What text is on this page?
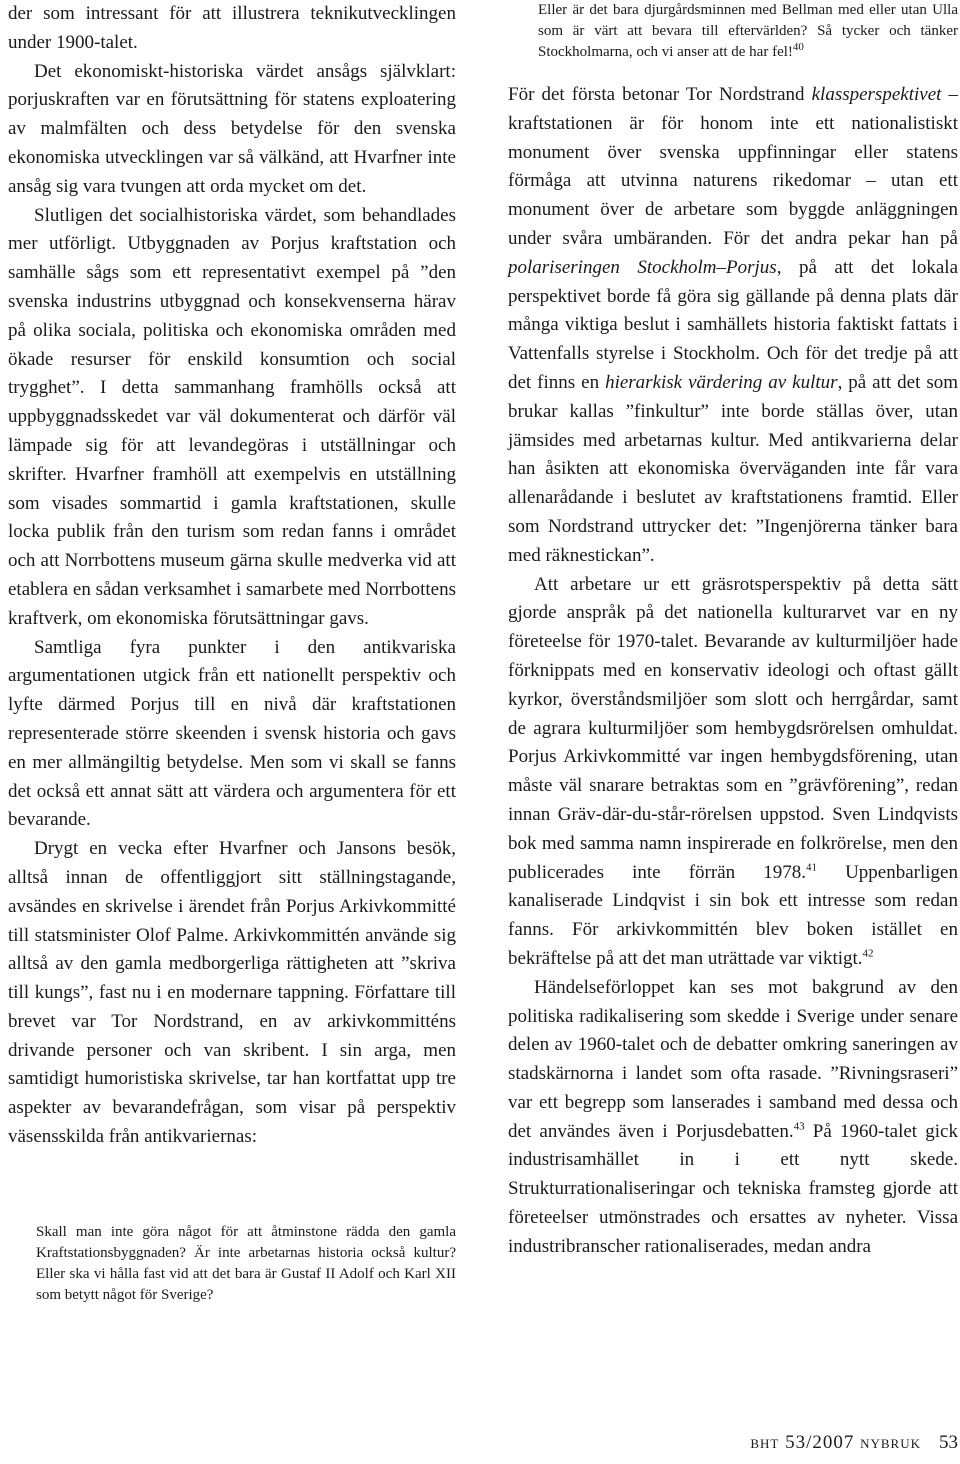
der som intressant för att illustrera teknikutvecklingen under 1900-talet.

Det ekonomiskt-historiska värdet ansågs självklart: porjuskraften var en förutsättning för statens exploatering av malmfälten och dess betydelse för den svenska ekonomiska utvecklingen var så välkänd, att Hvarfner inte ansåg sig vara tvungen att orda mycket om det.

Slutligen det socialhistoriska värdet, som behandlades mer utförligt. Utbyggnaden av Porjus kraftstation och samhälle sågs som ett representativt exempel på ”den svenska industrins utbyggnad och konsekvenserna härav på olika sociala, politiska och ekonomiska områden med ökade resurser för enskild konsumtion och social trygghet”. I detta sammanhang framhölls också att uppbyggnadsskedet var väl dokumenterat och därför väl lämpade sig för att levandegöras i utställningar och skrifter. Hvarfner framhöll att exempelvis en utställning som visades sommartid i gamla kraftstationen, skulle locka publik från den turism som redan fanns i området och att Norrbottens museum gärna skulle medverka vid att etablera en sådan verksamhet i samarbete med Norrbottens kraftverk, om ekonomiska förutsättningar gavs.

Samtliga fyra punkter i den antikvariska argumentationen utgick från ett nationellt perspektiv och lyfte därmed Porjus till en nivå där kraftstationen representerade större skeenden i svensk historia och gavs en mer allmängiltig betydelse. Men som vi skall se fanns det också ett annat sätt att värdera och argumentera för ett bevarande.

Drygt en vecka efter Hvarfner och Jansons besök, alltså innan de offentliggjort sitt ställningstagande, avsändes en skrivelse i ärendet från Porjus Arkivkommitté till statsminister Olof Palme. Arkivkommittén använde sig alltså av den gamla medborgerliga rättigheten att ”skriva till kungs”, fast nu i en modernare tappning. Författare till brevet var Tor Nordstrand, en av arkivkommitténs drivande personer och van skribent. I sin arga, men samtidigt humoristiska skrivelse, tar han kortfattat upp tre aspekter av bevarandefrågan, som visar på perspektiv väsensskilda från antikvariernas:

Skall man inte göra något för att åtminstone rädda den gamla Kraftstationsbyggnaden? Är inte arbetarnas historia också kultur? Eller ska vi hålla fast vid att det bara är Gustaf II Adolf och Karl XII som betytt något för Sverige?
Eller är det bara djurgårdsminnen med Bellman med eller utan Ulla som är värt att bevara till eftervärlden? Så tycker och tänker Stockholmarna, och vi anser att de har fel!$^{40}$

För det första betonar Tor Nordstrand klassperspektivet – kraftstationen är för honom inte ett nationalistiskt monument över svenska uppfinningar eller statens förmåga att utvinna naturens rikedomar – utan ett monument över de arbetare som byggde anläggningen under svåra umbäranden. För det andra pekar han på polariseringen Stockholm–Porjus, på att det lokala perspektivet borde få göra sig gällande på denna plats där många viktiga beslut i samhällets historia faktiskt fattats i Vattenfalls styrelse i Stockholm. Och för det tredje på att det finns en hierarkisk värdering av kultur, på att det som brukar kallas ”finkultur” inte borde ställas över, utan jämsides med arbetarnas kultur. Med antikvarierna delar han åsikten att ekonomiska överväganden inte får vara allenarådande i beslutet av kraftstationens framtid. Eller som Nordstrand uttrycker det: ”Ingenjörerna tänker bara med räknestickan”.

Att arbetare ur ett gräsrotsperspektiv på detta sätt gjorde anspråk på det nationella kulturarvet var en ny företeelse för 1970-talet. Bevarande av kulturmiljöer hade förknippats med en konservativ ideologi och oftast gällt kyrkor, överståndsmiljöer som slott och herrgårdar, samt de agrara kulturmiljöer som hembygdsrörelsen omhuldat. Porjus Arkivkommitté var ingen hembygdsförening, utan måste väl snarare betraktas som en ”grävförening”, redan innan Gräv-där-du-står-rörelsen uppstod. Sven Lindqvists bok med samma namn inspirerade en folkrörelse, men den publicerades inte förrän 1978.41 Uppenbarligen kanaliserade Lindqvist i sin bok ett intresse som redan fanns. För arkivkommittén blev boken istället en bekräftelse på att det man uträttade var viktigt.$^{42}$

Händelseförloppet kan ses mot bakgrund av den politiska radikalisering som skedde i Sverige under senare delen av 1960-talet och de debatter omkring saneringen av stadskärnorna i landet som ofta rasade. ”Rivningsraseri” var ett begrepp som lanserades i samband med dessa och det användes även i Porjusdebatten.$^{43}$ På 1960-talet gick industrisamhället in i ett nytt skede. Strukturrationaliseringar och tekniska framsteg gjorde att företeelser utmönstrades och ersattes av nyheter. Vissa industribranscher rationaliserades, medan andra

bht 53/2007 nybruk 53
